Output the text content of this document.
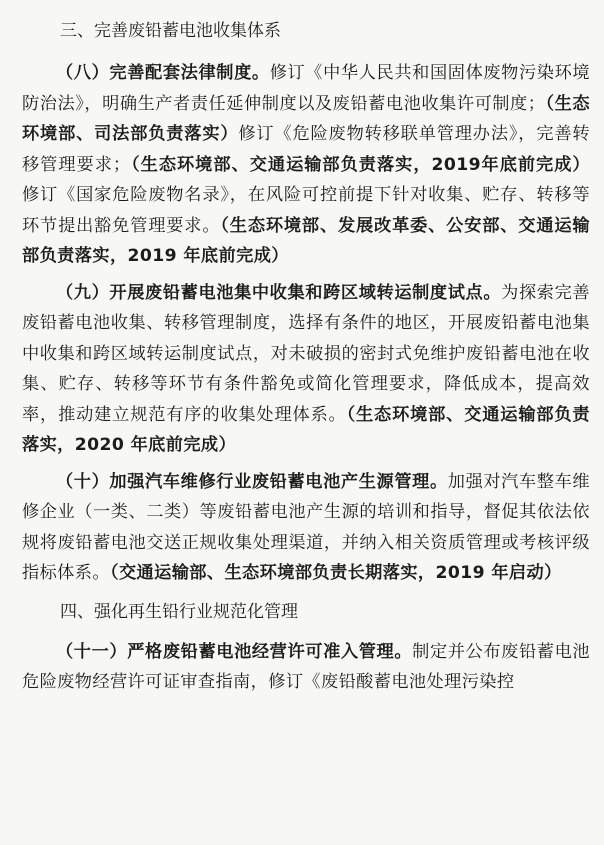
三、完善废铅蓄电池收集体系

（八）完善配套法律制度。修订《中华人民共和国固体废物污染环境防治法》，明确生产者责任延伸制度以及废铅蓄电池收集许可制度；（生态环境部、司法部负责落实）修订《危险废物转移联单管理办法》，完善转移管理要求；（生态环境部、交通运输部负责落实，2019年底前完成）修订《国家危险废物名录》，在风险可控前提下针对收集、贮存、转移等环节提出豁免管理要求。（生态环境部、发展改革委、公安部、交通运输部负责落实，2019 年底前完成）

（九）开展废铅蓄电池集中收集和跨区域转运制度试点。为探索完善废铅蓄电池收集、转移管理制度，选择有条件的地区，开展废铅蓄电池集中收集和跨区域转运制度试点，对未破损的密封式免维护废铅蓄电池在收集、贮存、转移等环节有条件豁免或简化管理要求，降低成本，提高效率，推动建立规范有序的收集处理体系。（生态环境部、交通运输部负责落实，2020 年底前完成）

（十）加强汽车维修行业废铅蓄电池产生源管理。加强对汽车整车维修企业（一类、二类）等废铅蓄电池产生源的培训和指导，督促其依法依规将废铅蓄电池交送正规收集处理渠道，并纳入相关资质管理或考核评级指标体系。（交通运输部、生态环境部负责长期落实，2019 年启动）

四、强化再生铅行业规范化管理

（十一）严格废铅蓄电池经营许可准入管理。制定并公布废铅蓄电池危险废物经营许可证审查指南，修订《废铅酸蓄电池处理污染控
